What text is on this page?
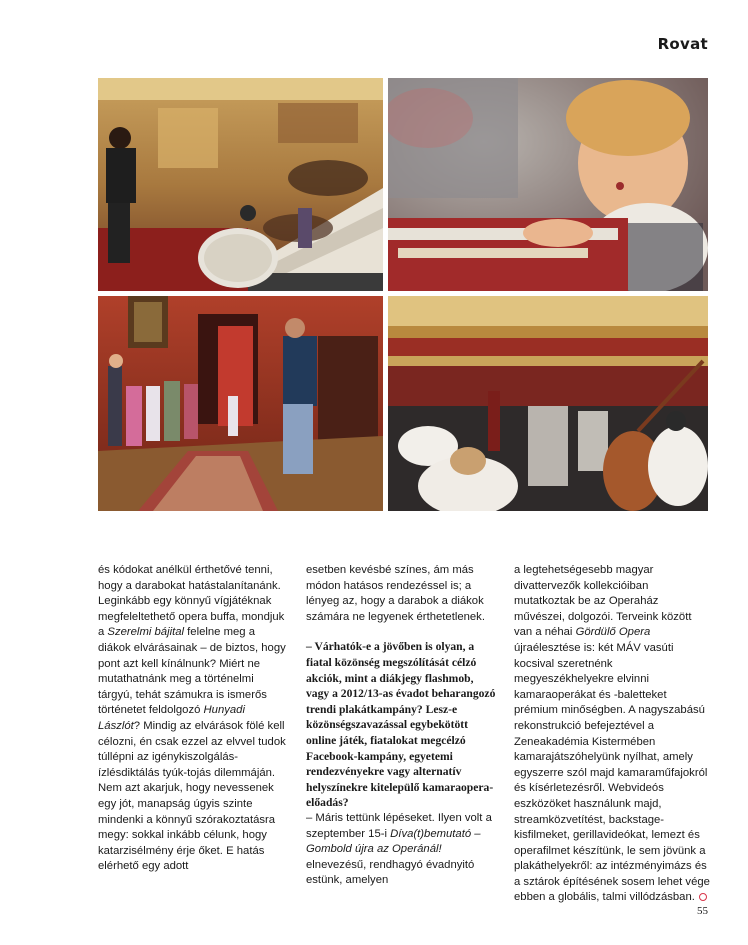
Rovat

és kódokat anélkül érthetővé tenni, hogy a darabokat hatástalanítanánk. Leginkább egy könnyű vígjátéknak megfeleltethető opera buffa, mondjuk a Szerelmi bájital felelne meg a diákok elvárásainak – de biztos, hogy pont azt kell kínálnunk? Miért ne mutathatnánk meg a történelmi tárgyú, tehát számukra is ismerős történetet feldolgozó Hunyadi Lászlót? Mindig az elvárások fölé kell célozni, én csak ezzel az elvvel tudok túllépni az igénykiszolgálás-ízlésdiktálás tyúk-tojás dilemmáján. Nem azt akarjuk, hogy nevessenek egy jót, manapság úgyis szinte mindenki a könnyű szórakoztatásra megy: sokkal inkább célunk, hogy katarzisélmény érje őket. E hatás elérhető egy adott

esetben kevésbé színes, ám más módon hatásos rendezéssel is; a lényeg az, hogy a darabok a diákok számára ne legyenek érthetetlenek.

– Várhatók-e a jövőben is olyan, a fiatal közönség megszólítását célzó akciók, mint a diákjegy flashmob, vagy a 2012/13-as évadot beharangozó trendi plakátkampány? Lesz-e közönségszavazással egybekötött online játék, fiatalokat megcélzó Facebook-kampány, egyetemi rendezvényekre vagy alternatív helyszínekre kitelepülő kamaraopera-előadás?

– Máris tettünk lépéseket. Ilyen volt a szeptember 15-i Díva(t)bemutató – Gombold újra az Operánál! elnevezésű, rendhagyó évadnyitó estünk, amelyen

a legtehetségesebb magyar divattervezők kollekcióiban mutatkoztak be az Operaház művészei, dolgozói. Terveink között van a néhai Gördülő Opera újraélesztése is: két MÁV vasúti kocsival szeretnénk megyeszékhelyekre elvinni kamaraoperákat és -baletteket prémium minőségben. A nagyszabású rekonstrukció befejeztével a Zeneakadémia Kistermében kamarajátszóhelyünk nyílhat, amely egyszerre szól majd kamaraműfajokról és kísérletezésről. Webvideós eszközöket használunk majd, streamközvetítést, backstage-kisfilmeket, gerillavideókat, lemezt és operafilmet készítünk, le sem jövünk a plakáthelyekről: az intézményimázs és a sztárok építésének sosem lehet vége ebben a globális, talmi villódzásban.

55
